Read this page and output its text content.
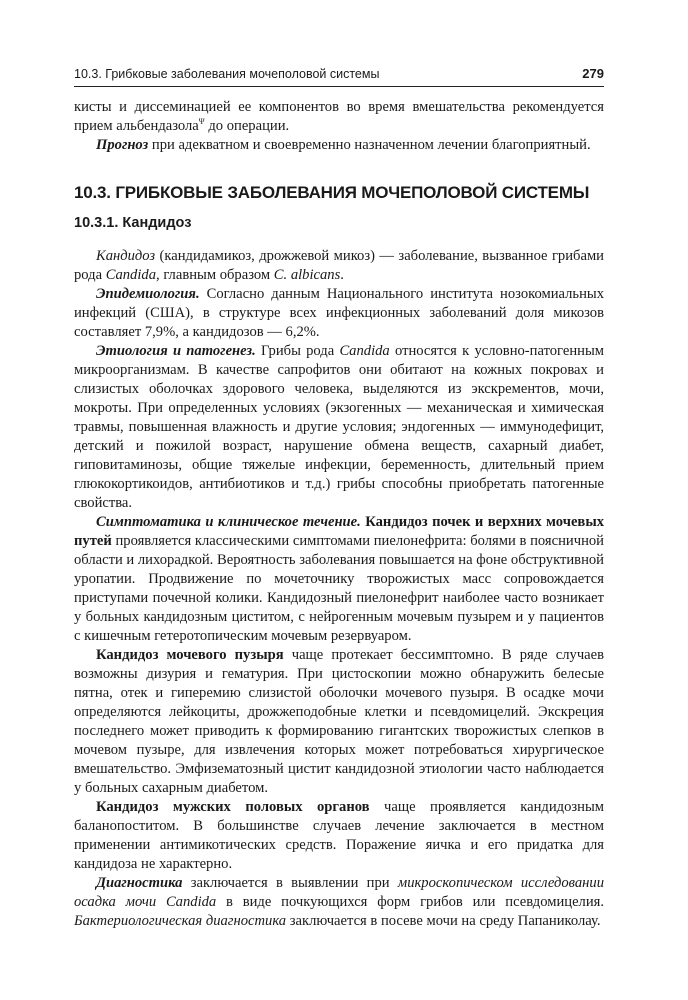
10.3. Грибковые заболевания мочеполовой системы	279

кисты и диссеминацией ее компонентов во время вмешательства рекомендуется прием альбендазола$^\Psi$ до операции.

Прогноз при адекватном и своевременно назначенном лечении благоприятный.

10.3. ГРИБКОВЫЕ ЗАБОЛЕВАНИЯ МОЧЕПОЛОВОЙ СИСТЕМЫ
10.3.1. Кандидоз

Кандидоз (кандидамикоз, дрожжевой микоз) — заболевание, вызванное грибами рода Candida, главным образом C. albicans.

Эпидемиология. Согласно данным Национального института нозокомиальных инфекций (США), в структуре всех инфекционных заболеваний доля микозов составляет 7,9%, а кандидозов — 6,2%.

Этиология и патогенез. Грибы рода Candida относятся к условно-патогенным микроорганизмам. В качестве сапрофитов они обитают на кожных покровах и слизистых оболочках здорового человека, выделяются из экскрементов, мочи, мокроты. При определенных условиях (экзогенных — механическая и химическая травмы, повышенная влажность и другие условия; эндогенных — иммунодефицит, детский и пожилой возраст, нарушение обмена веществ, сахарный диабет, гиповитаминозы, общие тяжелые инфекции, беременность, длительный прием глюкокортикоидов, антибиотиков и т.д.) грибы способны приобретать патогенные свойства.

Симптоматика и клиническое течение. Кандидоз почек и верхних мочевых путей проявляется классическими симптомами пиелонефрита: болями в поясничной области и лихорадкой. Вероятность заболевания повышается на фоне обструктивной уропатии. Продвижение по мочеточнику творожистых масс сопровождается приступами почечной колики. Кандидозный пиелонефрит наиболее часто возникает у больных кандидозным циститом, с нейрогенным мочевым пузырем и у пациентов с кишечным гетеротопическим мочевым резервуаром.

Кандидоз мочевого пузыря чаще протекает бессимптомно. В ряде случаев возможны дизурия и гематурия. При цистоскопии можно обнаружить белесые пятна, отек и гиперемию слизистой оболочки мочевого пузыря. В осадке мочи определяются лейкоциты, дрожжеподобные клетки и псевдомицелий. Экскреция последнего может приводить к формированию гигантских творожистых слепков в мочевом пузыре, для извлечения которых может потребоваться хирургическое вмешательство. Эмфизематозный цистит кандидозной этиологии часто наблюдается у больных сахарным диабетом.

Кандидоз мужских половых органов чаще проявляется кандидозным баланопоститом. В большинстве случаев лечение заключается в местном применении антимикотических средств. Поражение яичка и его придатка для кандидоза не характерно.

Диагностика заключается в выявлении при микроскопическом исследовании осадка мочи Candida в виде почкующихся форм грибов или псевдомицелия. Бактериологическая диагностика заключается в посеве мочи на среду Папаниколау.
